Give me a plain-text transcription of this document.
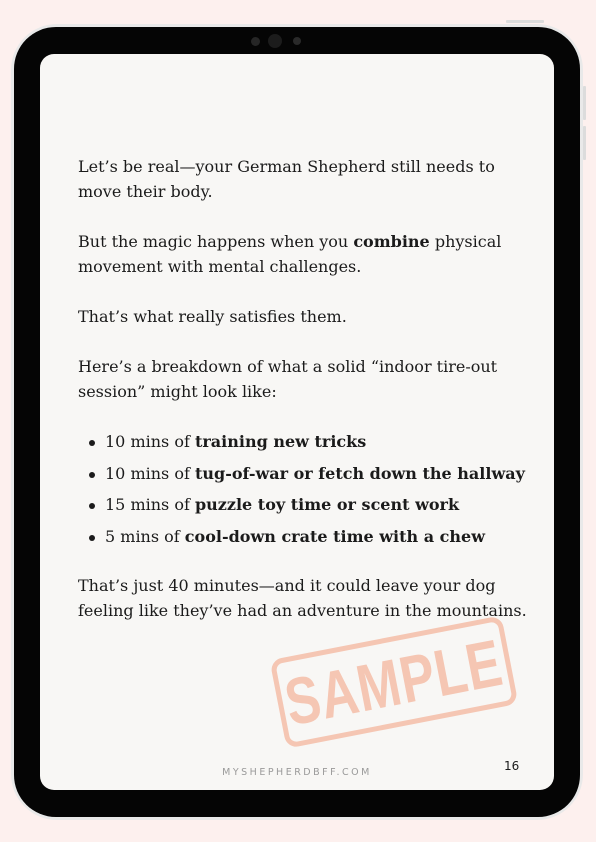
Let’s be real—your German Shepherd still needs to move their body.

But the magic happens when you combine physical movement with mental challenges.

That’s what really satisfies them.

Here’s a breakdown of what a solid “indoor tire-out session” might look like:

10 mins of training new tricks
10 mins of tug-of-war or fetch down the hallway
15 mins of puzzle toy time or scent work
5 mins of cool-down crate time with a chew

That’s just 40 minutes—and it could leave your dog feeling like they’ve had an adventure in the mountains.

SAMPLE
MYSHEPHERDBFF.COM	16
